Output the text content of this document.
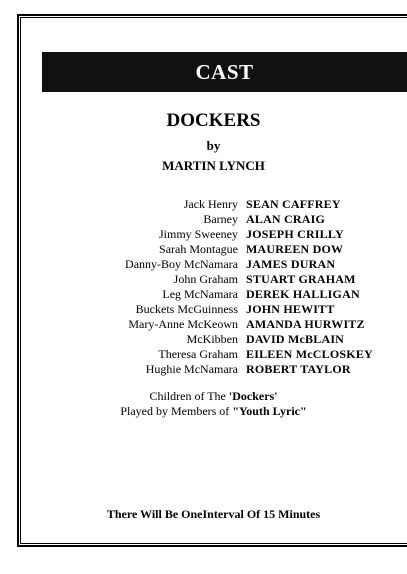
CAST
DOCKERS
by
MARTIN LYNCH
Jack Henry SEAN CAFFREY
Barney ALAN CRAIG
Jimmy Sweeney JOSEPH CRILLY
Sarah Montague MAUREEN DOW
Danny-Boy McNamara JAMES DURAN
John Graham STUART GRAHAM
Leg McNamara DEREK HALLIGAN
Buckets McGuinness JOHN HEWITT
Mary-Anne McKeown AMANDA HURWITZ
McKibben DAVID McBLAIN
Theresa Graham EILEEN McCLOSKEY
Hughie McNamara ROBERT TAYLOR
Children of The 'Dockers'
Played by Members of "Youth Lyric"
There Will Be OneInterval Of 15 Minutes
